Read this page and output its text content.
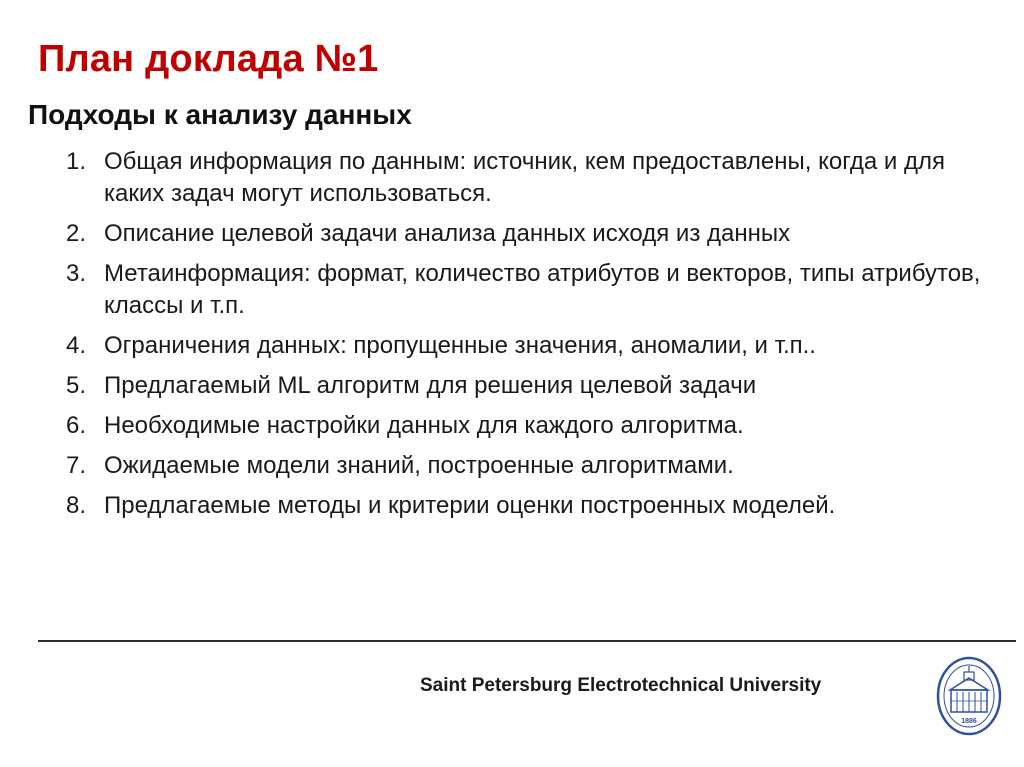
План доклада №1
Подходы к анализу данных
1. Общая информация по данным: источник, кем предоставлены, когда и для каких задач могут использоваться.
2. Описание целевой задачи анализа данных исходя из данных
3. Метаинформация: формат, количество атрибутов и векторов, типы атрибутов, классы и т.п.
4. Ограничения данных: пропущенные значения, аномалии, и т.п..
5. Предлагаемый ML алгоритм для решения целевой задачи
6. Необходимые настройки данных для каждого алгоритма.
7. Ожидаемые модели знаний, построенные алгоритмами.
8. Предлагаемые методы и критерии оценки построенных моделей.

Saint Petersburg Electrotechnical University

1886
